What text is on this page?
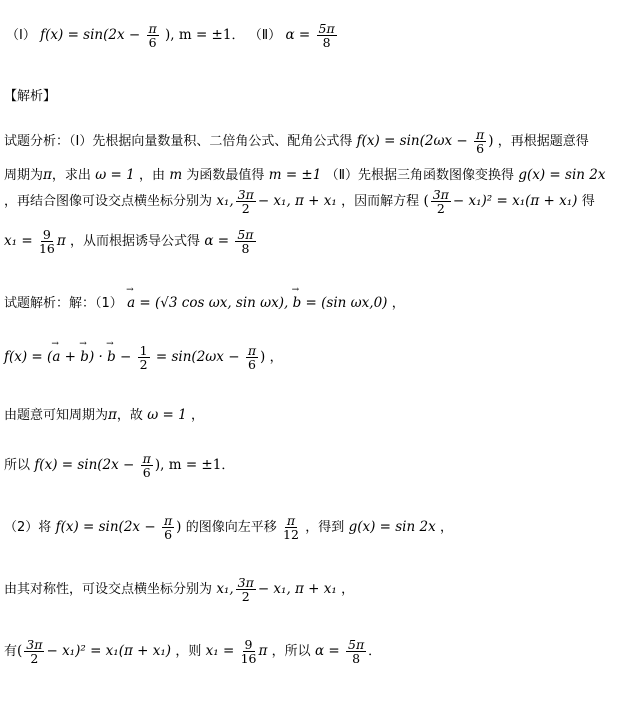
（Ⅰ） $f(x) = \sin(2x - \frac{\pi}{6}$ ), m = ±1． （Ⅱ） $\alpha = \frac{5\pi}{8}$
【解析】
试题分析：（Ⅰ）先根据向量数量积、二倍角公式、配角公式得 $f(x) = \sin(2\omega x - \frac{\pi}{6}$ ) ，再根据题意得
周期为π，求出 ω = 1 ，由 m 为函数最值得 m = ±1 （Ⅱ）先根据三角函数图像变换得 g(x) = sin 2x
，再结合图像可设交点横坐标分别为 x₁, $\frac{3\pi}{2} - x_1$, π + x₁ ，因而解方程 ( $\frac{3\pi}{2} - x_1)^2 = x_1(\pi + x_1)$ 得
$x_1 = \frac{9}{16}$ π ，从而根据诱导公式得 $\alpha = \frac{5\pi}{8}$
试题解析：解：（1） → a = (√3 cos ωx, sin ωx), → b = (sin ωx,0) ，
f(x) = (→ a + → b) · → $b - \frac{1}{2} = \sin(2\omega x - \frac{\pi}{6}$ ) ，
由题意可知周期为π，故 ω = 1 ，
所以 $f(x) = \sin(2x - \frac{\pi}{6}$ ), m = ±1．
（2）将 $f(x) = \sin(2x - \frac{\pi}{6}$ ) 的图像向左平移 $\frac{\pi}{12}$ ，得到 g(x) = sin 2x ，
由其对称性，可设交点横坐标分别为 x₁, $\frac{3\pi}{2} - x_1$, π + x₁ ，
有( $\frac{3\pi}{2} - x_1)^2 = x_1(\pi + x_1)$ ，则 $x_1 = \frac{9}{16}$ π ，所以 $\alpha = \frac{5\pi}{8}$ ．
